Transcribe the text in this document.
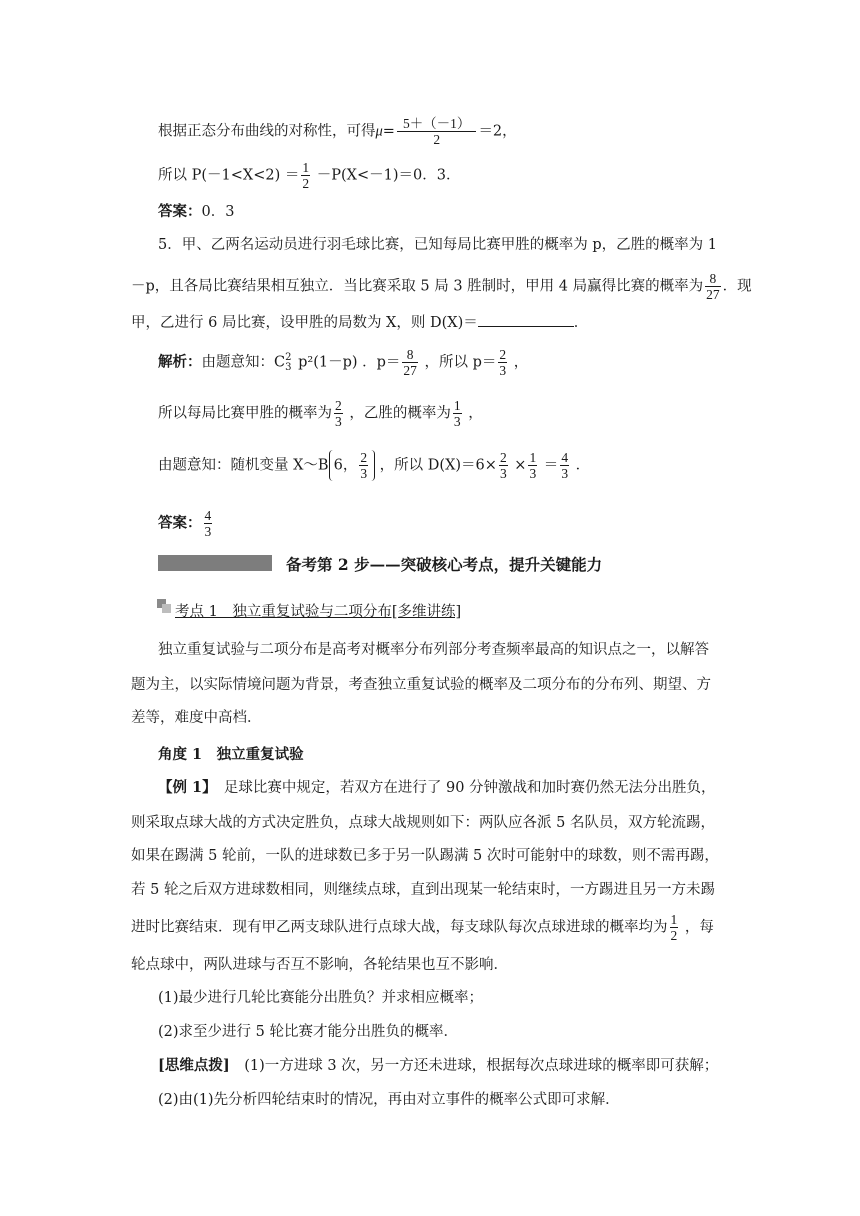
根据正态分布曲线的对称性，可得$\mu= \frac{5+(-1)}{2} =2$，
所以 $P(-1<X<2) = \frac{1}{2} -P(X<-1)=0$．3．
答案：0．3
5．甲、乙两名运动员进行羽毛球比赛，已知每局比赛甲胜的概率为 p，乙胜的概率为 1
－p，且各局比赛结果相互独立．当比赛采取 5 局 3 胜制时，甲用 4 局赢得比赛的概率为 $\frac{8}{27}$ ．现
甲，乙进行 6 局比赛，设甲胜的局数为 X，则 D(X)＝	．
解析：由题意知：C 2
3 p²(1－p) ．$p= \frac{8}{27}$ ，所以 $p= \frac{2}{3}$ ，
所以每局比赛甲胜的概率为 $\frac{2}{3}$ ，乙胜的概率为 $\frac{1}{3}$ ，
由题意知：随机变量 X～B 6， $\frac{2}{3}$ ，所以 $D(X)=6\times \frac{2}{3} \times \frac{1}{3} = \frac{4}{3}$ ．
答案： $\frac{4}{3}$
备考第 2 步——突破核心考点，提升关键能力
考点 1　独立重复试验与二项分布[多维讲练]
独立重复试验与二项分布是高考对概率分布列部分考查频率最高的知识点之一，以解答
题为主，以实际情境问题为背景，考查独立重复试验的概率及二项分布的分布列、期望、方
差等，难度中高档．
角度 1　独立重复试验
【例 1】　足球比赛中规定，若双方在进行了 90 分钟激战和加时赛仍然无法分出胜负，
则采取点球大战的方式决定胜负，点球大战规则如下：两队应各派 5 名队员，双方轮流踢，
如果在踢满 5 轮前，一队的进球数已多于另一队踢满 5 次时可能射中的球数，则不需再踢，
若 5 轮之后双方进球数相同，则继续点球，直到出现某一轮结束时，一方踢进且另一方未踢
进时比赛结束．现有甲乙两支球队进行点球大战，每支球队每次点球进球的概率均为 $\frac{1}{2}$ ，每
轮点球中，两队进球与否互不影响，各轮结果也互不影响．
(1)最少进行几轮比赛能分出胜负？并求相应概率；
(2)求至少进行 5 轮比赛才能分出胜负的概率．
[思维点拨]　(1)一方进球 3 次，另一方还未进球，根据每次点球进球的概率即可获解；
(2)由(1)先分析四轮结束时的情况，再由对立事件的概率公式即可求解．
